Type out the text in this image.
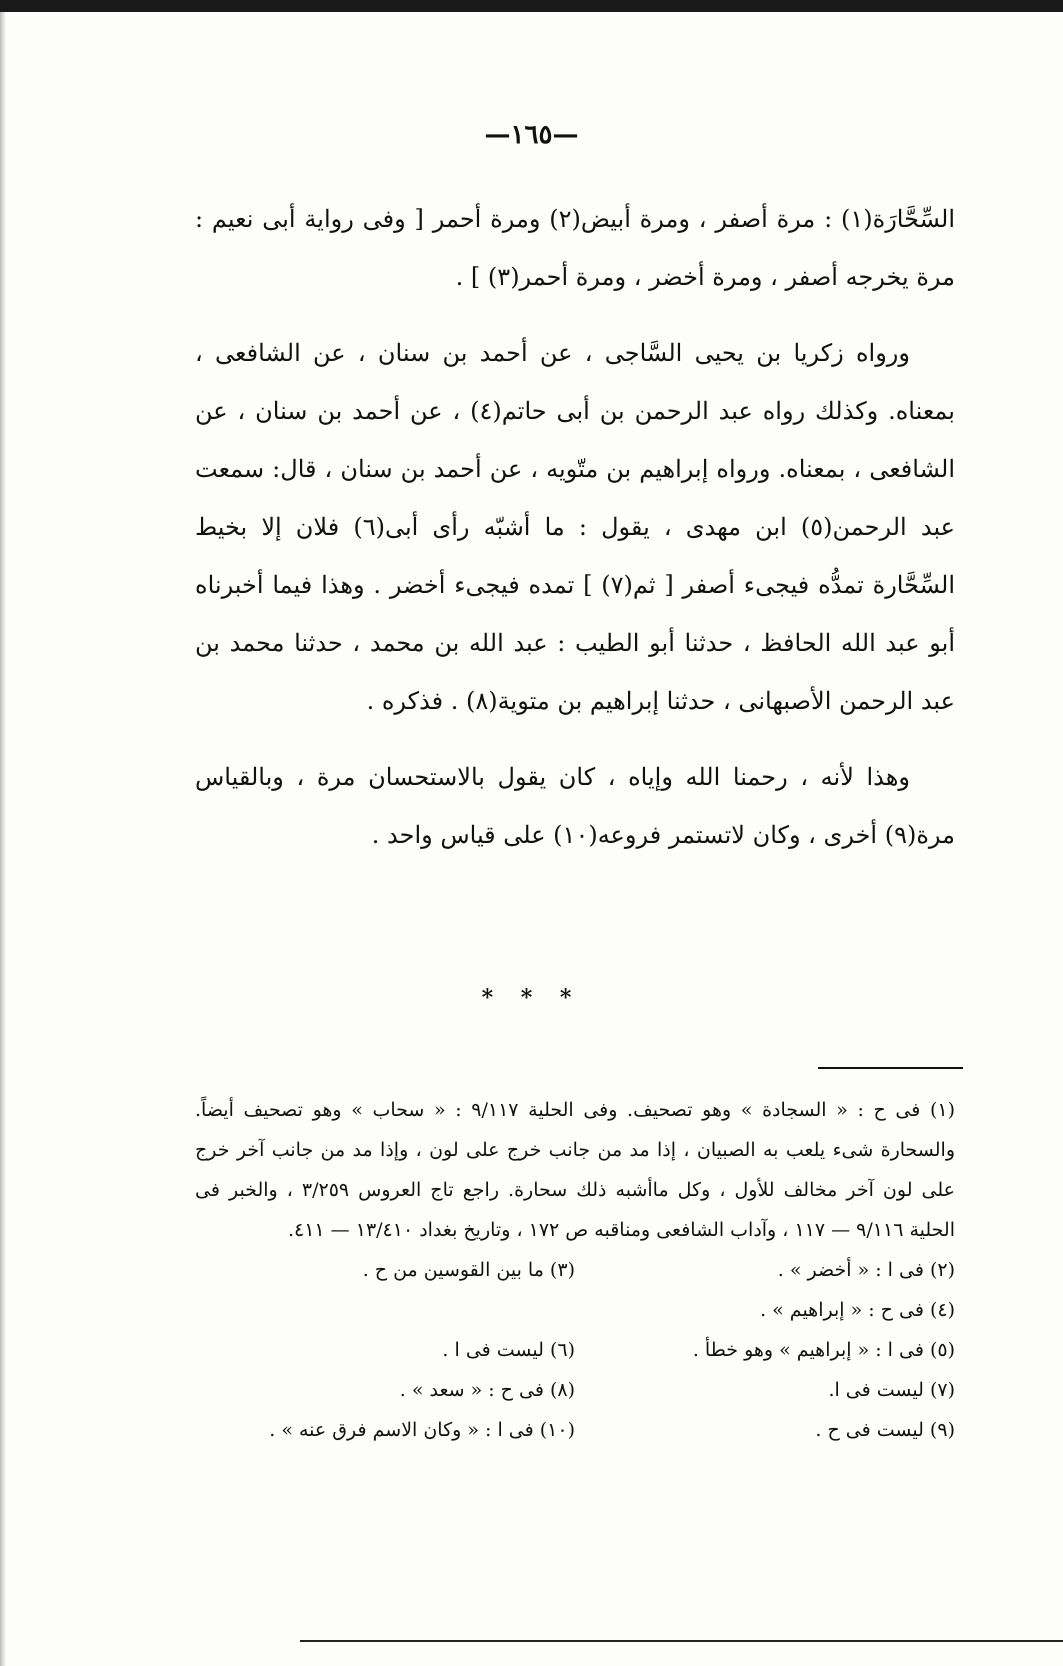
—١٦٥—

السِّحَّارَة(١) : مرة أصفر ، ومرة أبيض(٢) ومرة أحمر [ وفى رواية أبى نعيم : مرة يخرجه أصفر ، ومرة أخضر ، ومرة أحمر(٣) ] .

ورواه زكريا بن يحيى السَّاجى ، عن أحمد بن سنان ، عن الشافعى ، بمعناه. وكذلك رواه عبد الرحمن بن أبى حاتم(٤) ، عن أحمد بن سنان ، عن الشافعى ، بمعناه. ورواه إبراهيم بن متّويه ، عن أحمد بن سنان ، قال: سمعت عبد الرحمن(٥) ابن مهدى ، يقول : ما أشبّه رأى أبى(٦) فلان إلا بخيط السِّحَّارة تمدُّه فيجىء أصفر [ ثم(٧) ] تمده فيجىء أخضر . وهذا فيما أخبرناه أبو عبد الله الحافظ ، حدثنا أبو الطيب : عبد الله بن محمد ، حدثنا محمد بن عبد الرحمن الأصبهانى ، حدثنا إبراهيم بن متوية(٨) . فذكره .

وهذا لأنه ، رحمنا الله وإياه ، كان يقول بالاستحسان مرة ، وبالقياس مرة(٩) أخرى ، وكان لاتستمر فروعه(١٠) على قياس واحد .

* * *
(١) فى ح : « السجادة » وهو تصحيف. وفى الحلية ٩/١١٧ : « سحاب » وهو تصحيف أيضاً. والسحارة شىء يلعب به الصبيان ، إذا مد من جانب خرج على لون ، وإذا مد من جانب آخر خرج على لون آخر مخالف للأول ، وكل ماأشبه ذلك سحارة. راجع تاج العروس ٣/٢٥٩ ، والخبر فى الحلية ٩/١١٦ — ١١٧ ، وآداب الشافعى ومناقبه ص ١٧٢ ، وتاريخ بغداد ١٣/٤١٠ — ٤١١.
(٢) فى ا : « أخضر » .
(٣) ما بين القوسين من ح .
(٤) فى ح : « إبراهيم » .
(٥) فى ا : « إبراهيم » وهو خطأ .
(٦) ليست فى ا .
(٧) ليست فى ا.
(٨) فى ح : « سعد » .
(٩) ليست فى ح .
(١٠) فى ا : « وكان الاسم فرق عنه » .
